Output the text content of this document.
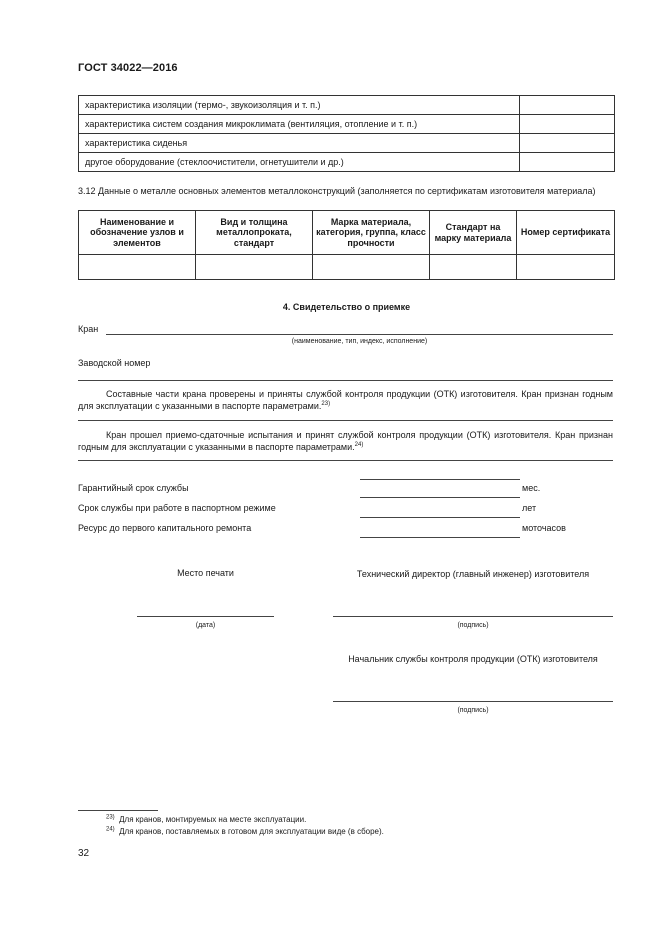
ГОСТ 34022—2016
характеристика изоляции (термо-, звукоизоляция и т. п.)	
характеристика систем создания микроклимата (вентиляция, отопление и т. п.)	
характеристика сиденья	
другое оборудование (стеклоочистители, огнетушители и др.)	
3.12 Данные о металле основных элементов металлоконструкций (заполняется по сертификатам изготовителя материала)
Наименование и обозначение узлов и элементов	Вид и толщина металлопроката, стандарт	Марка материала, категория, группа, класс прочности	Стандарт на марку материала	Номер сертификата

4. Свидетельство о приемке
Кран
(наименование, тип, индекс, исполнение)
Заводской номер
Составные части крана проверены и приняты службой контроля продукции (ОТК) изготовителя. Кран признан годным для эксплуатации с указанными в паспорте параметрами.$^{23)}$
Кран прошел приемо-сдаточные испытания и принят службой контроля продукции (ОТК) изготовителя. Кран признан годным для эксплуатации с указанными в паспорте параметрами.$^{24)}$
Гарантийный срок службы	мес.
Срок службы при работе в паспортном режиме	лет
Ресурс до первого капитального ремонта	моточасов
Место печати	Технический директор (главный инженер) изготовителя
(дата)	(подпись)
Начальник службы контроля продукции (ОТК) изготовителя
(подпись)
$^{23)}$ Для кранов, монтируемых на месте эксплуатации.
$^{24)}$ Для кранов, поставляемых в готовом для эксплуатации виде (в сборе).
32
